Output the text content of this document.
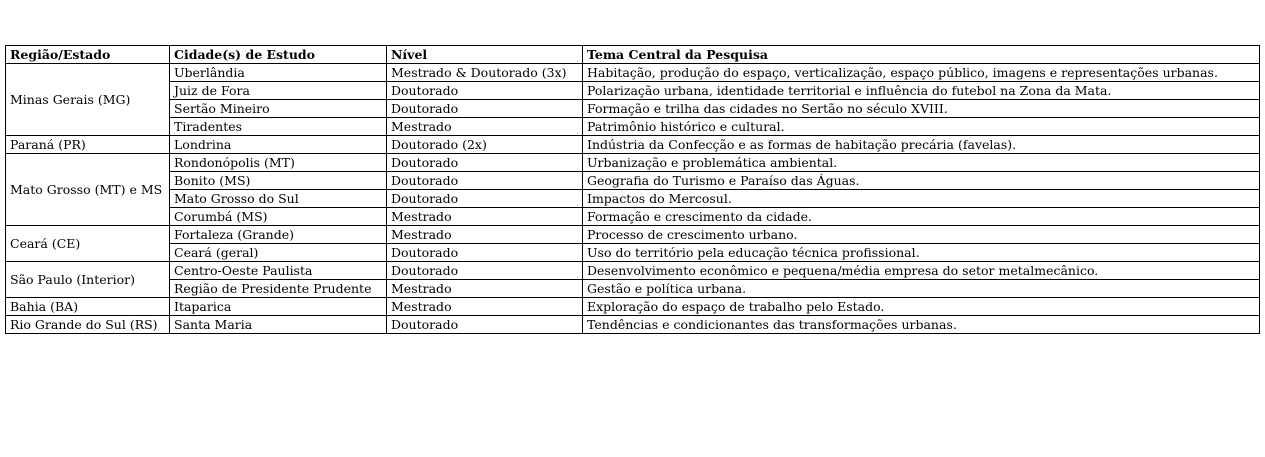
Região/Estado	Cidade(s) de Estudo	Nível	Tema Central da Pesquisa
Minas Gerais (MG)	Uberlândia	Mestrado & Doutorado (3x)	Habitação, produção do espaço, verticalização, espaço público, imagens e representações urbanas.
	Juiz de Fora	Doutorado	Polarização urbana, identidade territorial e influência do futebol na Zona da Mata.
	Sertão Mineiro	Doutorado	Formação e trilha das cidades no Sertão no século XVIII.
	Tiradentes	Mestrado	Patrimônio histórico e cultural.
Paraná (PR)	Londrina	Doutorado (2x)	Indústria da Confecção e as formas de habitação precária (favelas).
Mato Grosso (MT) e MS	Rondonópolis (MT)	Doutorado	Urbanização e problemática ambiental.
	Bonito (MS)	Doutorado	Geografia do Turismo e Paraíso das Águas.
	Mato Grosso do Sul	Doutorado	Impactos do Mercosul.
	Corumbá (MS)	Mestrado	Formação e crescimento da cidade.
Ceará (CE)	Fortaleza (Grande)	Mestrado	Processo de crescimento urbano.
	Ceará (geral)	Doutorado	Uso do território pela educação técnica profissional.
São Paulo (Interior)	Centro-Oeste Paulista	Doutorado	Desenvolvimento econômico e pequena/média empresa do setor metalmecânico.
	Região de Presidente Prudente	Mestrado	Gestão e política urbana.
Bahia (BA)	Itaparica	Mestrado	Exploração do espaço de trabalho pelo Estado.
Rio Grande do Sul (RS)	Santa Maria	Doutorado	Tendências e condicionantes das transformações urbanas.
